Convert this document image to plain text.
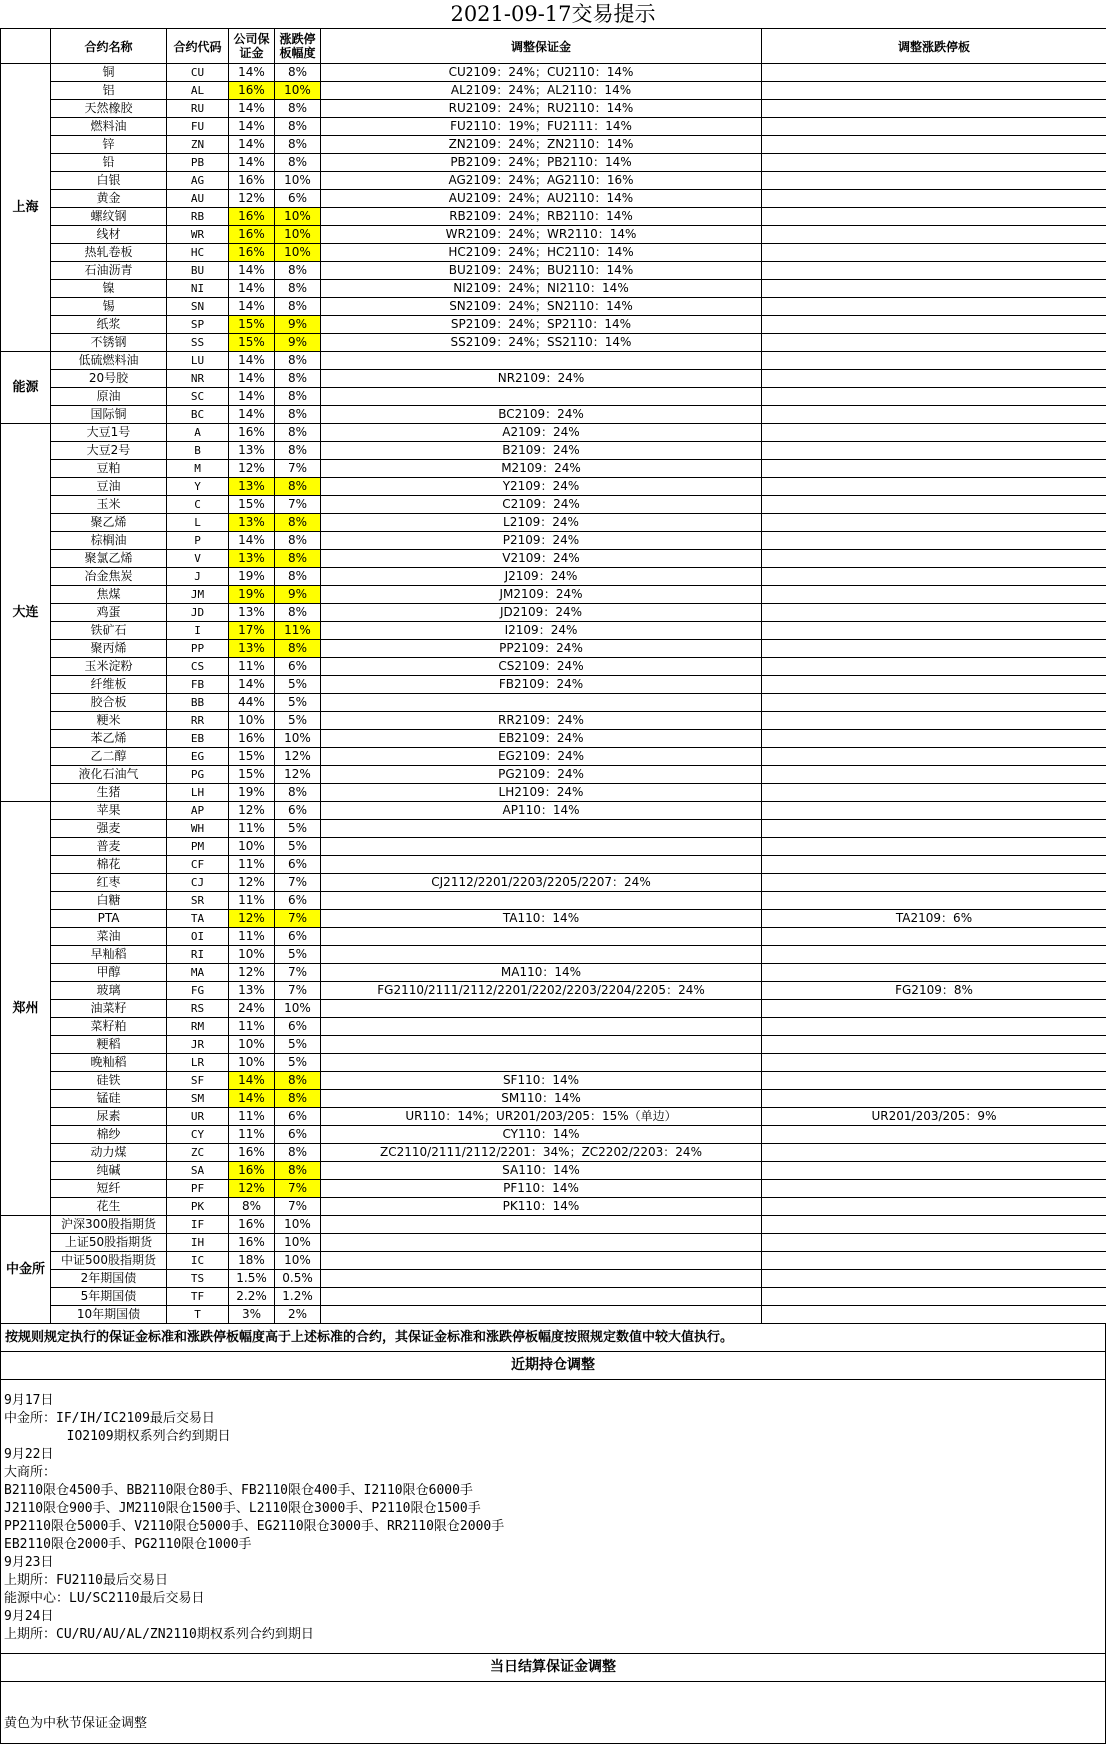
2021-09-17交易提示
	合约名称	合约代码	公司保证金	涨跌停板幅度	调整保证金	调整涨跌停板
上海	铜	CU	14%	8%	CU2109：24%；CU2110：14%	
	铝	AL	16%	10%	AL2109：24%；AL2110：14%	
	天然橡胶	RU	14%	8%	RU2109：24%；RU2110：14%	
	燃料油	FU	14%	8%	FU2110：19%；FU2111：14%	
	锌	ZN	14%	8%	ZN2109：24%；ZN2110：14%	
	铅	PB	14%	8%	PB2109：24%；PB2110：14%	
	白银	AG	16%	10%	AG2109：24%；AG2110：16%	
	黄金	AU	12%	6%	AU2109：24%；AU2110：14%	
	螺纹钢	RB	16%	10%	RB2109：24%；RB2110：14%	
	线材	WR	16%	10%	WR2109：24%；WR2110：14%	
	热轧卷板	HC	16%	10%	HC2109：24%；HC2110：14%	
	石油沥青	BU	14%	8%	BU2109：24%；BU2110：14%	
	镍	NI	14%	8%	NI2109：24%；NI2110：14%	
	锡	SN	14%	8%	SN2109：24%；SN2110：14%	
	纸浆	SP	15%	9%	SP2109：24%；SP2110：14%	
	不锈钢	SS	15%	9%	SS2109：24%；SS2110：14%	
能源	低硫燃料油	LU	14%	8%		
	20号胶	NR	14%	8%	NR2109：24%	
	原油	SC	14%	8%		
	国际铜	BC	14%	8%	BC2109：24%	
大连	大豆1号	A	16%	8%	A2109：24%	
	大豆2号	B	13%	8%	B2109：24%	
	豆粕	M	12%	7%	M2109：24%	
	豆油	Y	13%	8%	Y2109：24%	
	玉米	C	15%	7%	C2109：24%	
	聚乙烯	L	13%	8%	L2109：24%	
	棕榈油	P	14%	8%	P2109：24%	
	聚氯乙烯	V	13%	8%	V2109：24%	
	冶金焦炭	J	19%	8%	J2109：24%	
	焦煤	JM	19%	9%	JM2109：24%	
	鸡蛋	JD	13%	8%	JD2109：24%	
	铁矿石	I	17%	11%	I2109：24%	
	聚丙烯	PP	13%	8%	PP2109：24%	
	玉米淀粉	CS	11%	6%	CS2109：24%	
	纤维板	FB	14%	5%	FB2109：24%	
	胶合板	BB	44%	5%		
	粳米	RR	10%	5%	RR2109：24%	
	苯乙烯	EB	16%	10%	EB2109：24%	
	乙二醇	EG	15%	12%	EG2109：24%	
	液化石油气	PG	15%	12%	PG2109：24%	
	生猪	LH	19%	8%	LH2109：24%	
郑州	苹果	AP	12%	6%	AP110：14%	
	强麦	WH	11%	5%		
	普麦	PM	10%	5%		
	棉花	CF	11%	6%		
	红枣	CJ	12%	7%	CJ2112/2201/2203/2205/2207：24%	
	白糖	SR	11%	6%		
	PTA	TA	12%	7%	TA110：14%	TA2109：6%
	菜油	OI	11%	6%		
	早籼稻	RI	10%	5%		
	甲醇	MA	12%	7%	MA110：14%	
	玻璃	FG	13%	7%	FG2110/2111/2112/2201/2202/2203/2204/2205：24%	FG2109：8%
	油菜籽	RS	24%	10%		
	菜籽粕	RM	11%	6%		
	粳稻	JR	10%	5%		
	晚籼稻	LR	10%	5%		
	硅铁	SF	14%	8%	SF110：14%	
	锰硅	SM	14%	8%	SM110：14%	
	尿素	UR	11%	6%	UR110：14%；UR201/203/205：15%（单边）	UR201/203/205：9%
	棉纱	CY	11%	6%	CY110：14%	
	动力煤	ZC	16%	8%	ZC2110/2111/2112/2201：34%；ZC2202/2203：24%	
	纯碱	SA	16%	8%	SA110：14%	
	短纤	PF	12%	7%	PF110：14%	
	花生	PK	8%	7%	PK110：14%	
中金所	沪深300股指期货	IF	16%	10%		
	上证50股指期货	IH	16%	10%		
	中证500股指期货	IC	18%	10%		
	2年期国债	TS	1.5%	0.5%		
	5年期国债	TF	2.2%	1.2%		
	10年期国债	T	3%	2%		
按规则规定执行的保证金标准和涨跌停板幅度高于上述标准的合约，其保证金标准和涨跌停板幅度按照规定数值中较大值执行。
近期持仓调整
9月17日
中金所：IF/IH/IC2109最后交易日
IO2109期权系列合约到期日
9月22日
大商所：
B2110限仓4500手、BB2110限仓80手、FB2110限仓400手、I2110限仓6000手
J2110限仓900手、JM2110限仓1500手、L2110限仓3000手、P2110限仓1500手
PP2110限仓5000手、V2110限仓5000手、EG2110限仓3000手、RR2110限仓2000手
EB2110限仓2000手、PG2110限仓1000手
9月23日
上期所：FU2110最后交易日
能源中心：LU/SC2110最后交易日
9月24日
上期所：CU/RU/AU/AL/ZN2110期权系列合约到期日
当日结算保证金调整
黄色为中秋节保证金调整
